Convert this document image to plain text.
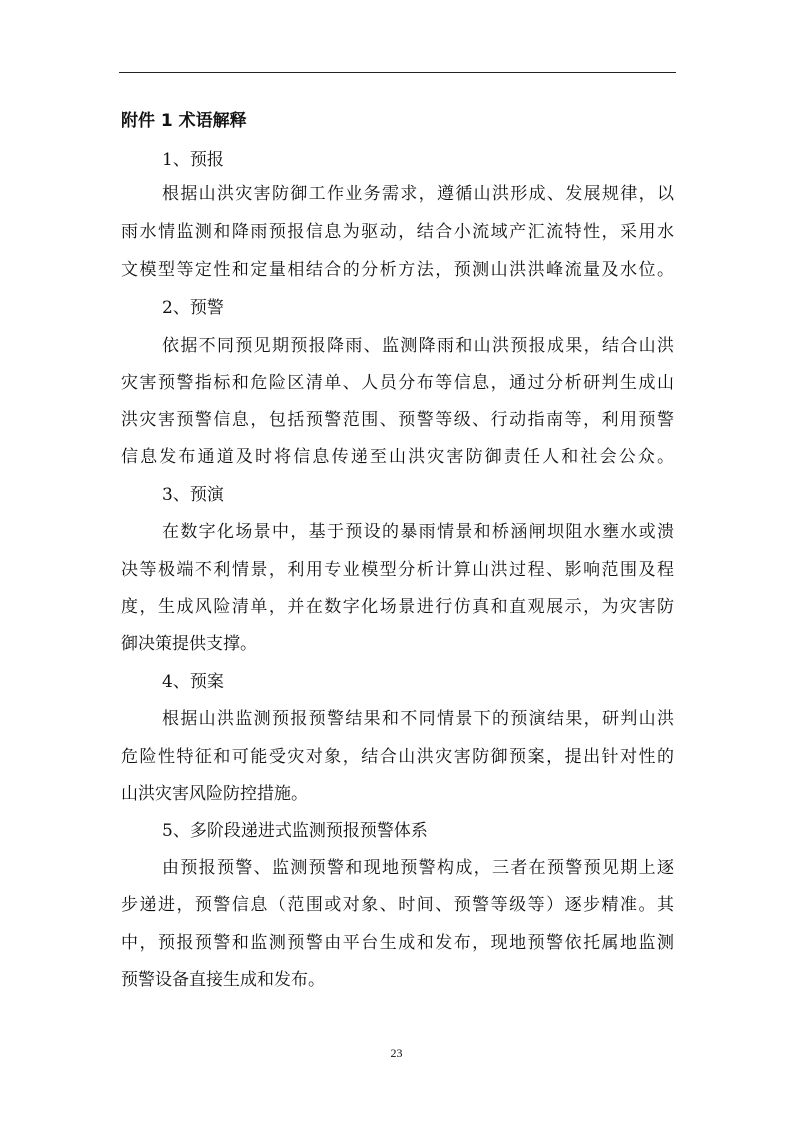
附件 1 术语解释

1、预报

根据山洪灾害防御工作业务需求，遵循山洪形成、发展规律，以
雨水情监测和降雨预报信息为驱动，结合小流域产汇流特性，采用水
文模型等定性和定量相结合的分析方法，预测山洪洪峰流量及水位。

2、预警

依据不同预见期预报降雨、监测降雨和山洪预报成果，结合山洪
灾害预警指标和危险区清单、人员分布等信息，通过分析研判生成山
洪灾害预警信息，包括预警范围、预警等级、行动指南等，利用预警
信息发布通道及时将信息传递至山洪灾害防御责任人和社会公众。

3、预演

在数字化场景中，基于预设的暴雨情景和桥涵闸坝阻水壅水或溃
决等极端不利情景，利用专业模型分析计算山洪过程、影响范围及程
度，生成风险清单，并在数字化场景进行仿真和直观展示，为灾害防
御决策提供支撑。

4、预案

根据山洪监测预报预警结果和不同情景下的预演结果，研判山洪
危险性特征和可能受灾对象，结合山洪灾害防御预案，提出针对性的
山洪灾害风险防控措施。

5、多阶段递进式监测预报预警体系

由预报预警、监测预警和现地预警构成，三者在预警预见期上逐
步递进，预警信息（范围或对象、时间、预警等级等）逐步精准。其
中，预报预警和监测预警由平台生成和发布，现地预警依托属地监测
预警设备直接生成和发布。
23
